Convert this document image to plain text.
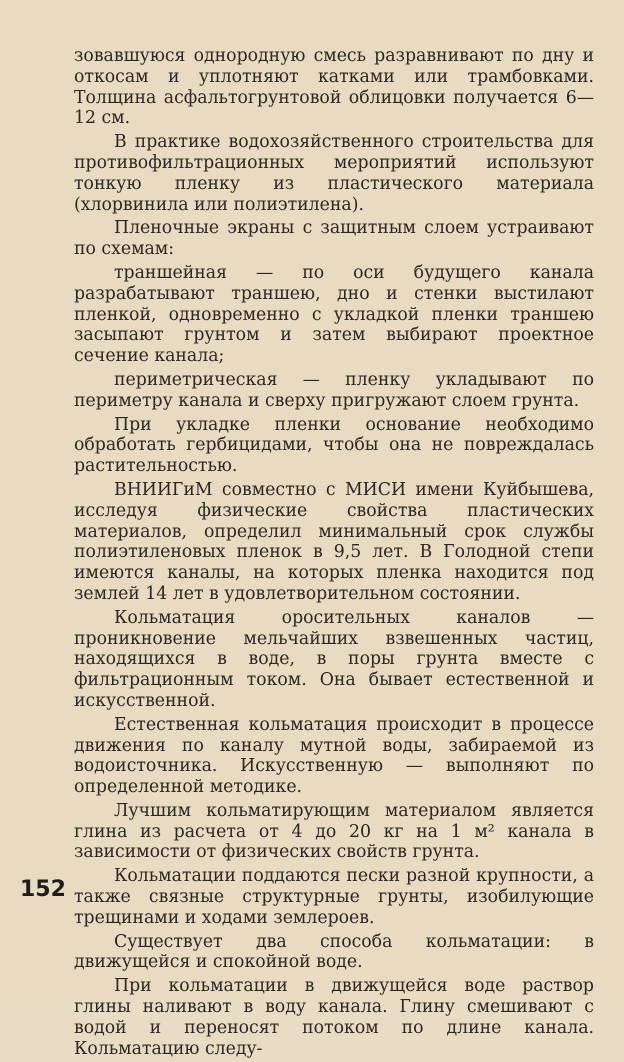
зовавшуюся однородную смесь разравнивают по дну и откосам и уплотняют катками или трамбовками. Толщина асфальтогрунтовой облицовки получается 6—12 см.

В практике водохозяйственного строительства для противофильтрационных мероприятий используют тонкую пленку из пластического материала (хлорвинила или полиэтилена).

Пленочные экраны с защитным слоем устраивают по схемам:

траншейная — по оси будущего канала разрабатывают траншею, дно и стенки выстилают пленкой, одновременно с укладкой пленки траншею засыпают грунтом и затем выбирают проектное сечение канала;

периметрическая — пленку укладывают по периметру канала и сверху пригружают слоем грунта.

При укладке пленки основание необходимо обработать гербицидами, чтобы она не повреждалась растительностью.

ВНИИГиМ совместно с МИСИ имени Куйбышева, исследуя физические свойства пластических материалов, определил минимальный срок службы полиэтиленовых пленок в 9,5 лет. В Голодной степи имеются каналы, на которых пленка находится под землей 14 лет в удовлетворительном состоянии.

Кольматация оросительных каналов — проникновение мельчайших взвешенных частиц, находящихся в воде, в поры грунта вместе с фильтрационным током. Она бывает естественной и искусственной.

Естественная кольматация происходит в процессе движения по каналу мутной воды, забираемой из водоисточника. Искусственную — выполняют по определенной методике.

Лучшим кольматирующим материалом является глина из расчета от 4 до 20 кг на 1 м² канала в зависимости от физических свойств грунта.

Кольматации поддаются пески разной крупности, а также связные структурные грунты, изобилующие трещинами и ходами землероев.

Существует два способа кольматации: в движущейся и спокойной воде.

При кольматации в движущейся воде раствор глины наливают в воду канала. Глину смешивают с водой и переносят потоком по длине канала. Кольматацию следу-

152
